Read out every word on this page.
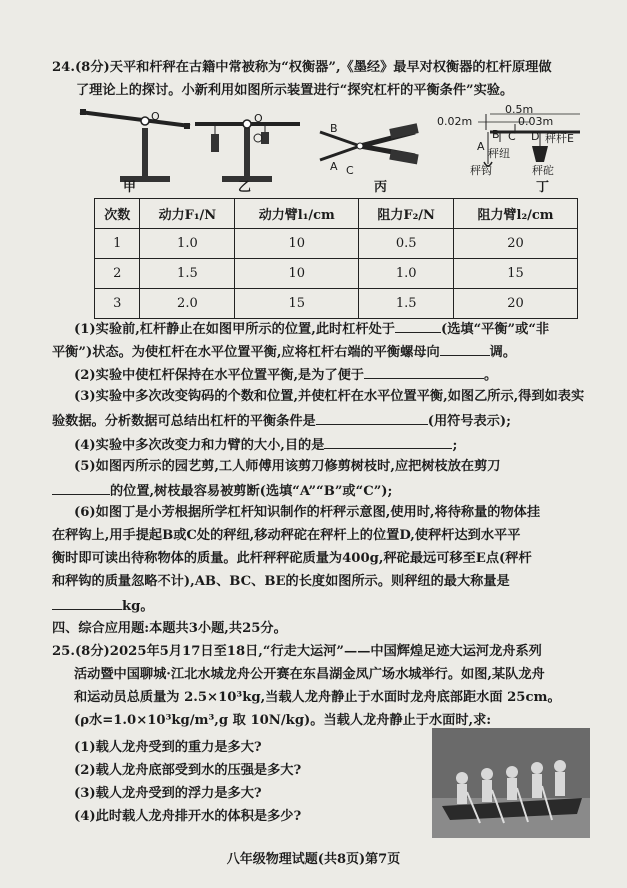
24.(8分)天平和杆秤在古籍中常被称为“权衡器”,《墨经》最早对权衡器的杠杆原理做
了理论上的探讨。小新利用如图所示装置进行“探究杠杆的平衡条件”实验。
O	O
B
A C
0.5m
0.03m
0.02m
B C D 秤杆E
A
秤纽
秤钩	秤砣
甲	乙	丙	丁
次数	动力F₁/N	动力臂l₁/cm	阻力F₂/N	阻力臂l₂/cm
1	1.0	10	0.5	20
2	1.5	10	1.0	15
3	2.0	15	1.5	20
(1)实验前,杠杆静止在如图甲所示的位置,此时杠杆处于	(选填“平衡”或“非
平衡”)状态。为使杠杆在水平位置平衡,应将杠杆右端的平衡螺母向	调。
(2)实验中使杠杆保持在水平位置平衡,是为了便于	。
(3)实验中多次改变钩码的个数和位置,并使杠杆在水平位置平衡,如图乙所示,得到如表实
验数据。分析数据可总结出杠杆的平衡条件是	(用符号表示);
(4)实验中多次改变力和力臂的大小,目的是	;
(5)如图丙所示的园艺剪,工人师傅用该剪刀修剪树枝时,应把树枝放在剪刀
的位置,树枝最容易被剪断(选填“A”“B”或“C”);
(6)如图丁是小芳根据所学杠杆知识制作的杆秤示意图,使用时,将待称量的物体挂
在秤钩上,用手提起B或C处的秤纽,移动秤砣在秤杆上的位置D,使秤杆达到水平平
衡时即可读出待称物体的质量。此杆秤秤砣质量为400g,秤砣最远可移至E点(秤杆
和秤钩的质量忽略不计),AB、BC、BE的长度如图所示。则秤纽的最大称量是
kg。
四、综合应用题:本题共3小题,共25分。
25.(8分)2025年5月17日至18日,“行走大运河”——中国辉煌足迹大运河龙舟系列
活动暨中国聊城·江北水城龙舟公开赛在东昌湖金凤广场水城举行。如图,某队龙舟
和运动员总质量为 2.5×10³kg,当载人龙舟静止于水面时龙舟底部距水面 25cm。
(ρ水=1.0×10³kg/m³,g 取 10N/kg)。当载人龙舟静止于水面时,求:
(1)载人龙舟受到的重力是多大?
(2)载人龙舟底部受到水的压强是多大?
(3)载人龙舟受到的浮力是多大?
(4)此时载人龙舟排开水的体积是多少?
八年级物理试题(共8页)第7页
